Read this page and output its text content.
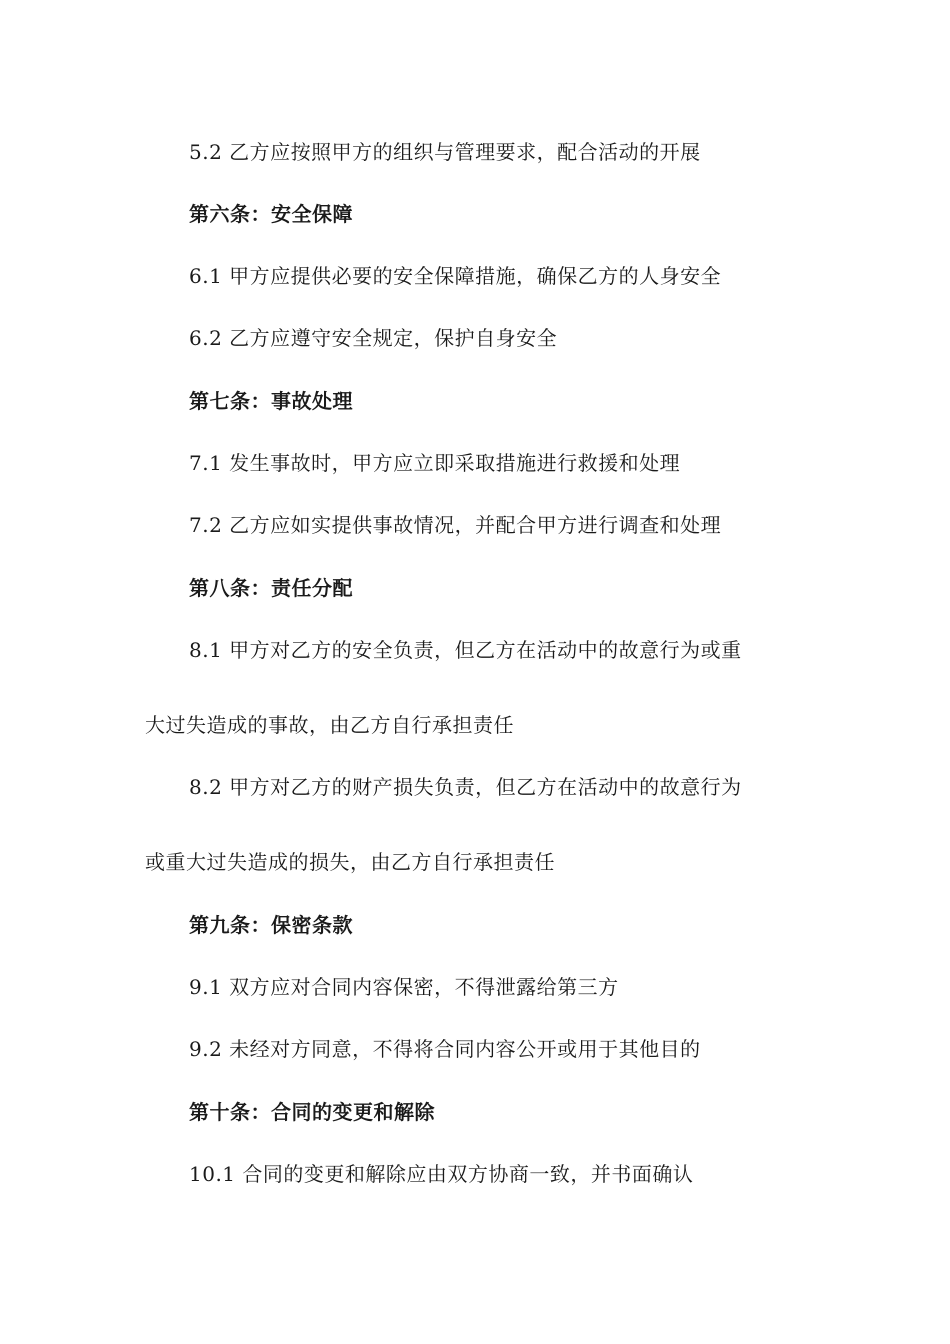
5.2 乙方应按照甲方的组织与管理要求，配合活动的开展
第六条：安全保障
6.1 甲方应提供必要的安全保障措施，确保乙方的人身安全
6.2 乙方应遵守安全规定，保护自身安全
第七条：事故处理
7.1 发生事故时，甲方应立即采取措施进行救援和处理
7.2 乙方应如实提供事故情况，并配合甲方进行调查和处理
第八条：责任分配
8.1 甲方对乙方的安全负责，但乙方在活动中的故意行为或重
大过失造成的事故，由乙方自行承担责任
8.2 甲方对乙方的财产损失负责，但乙方在活动中的故意行为
或重大过失造成的损失，由乙方自行承担责任
第九条：保密条款
9.1 双方应对合同内容保密，不得泄露给第三方
9.2 未经对方同意，不得将合同内容公开或用于其他目的
第十条：合同的变更和解除
10.1 合同的变更和解除应由双方协商一致，并书面确认
